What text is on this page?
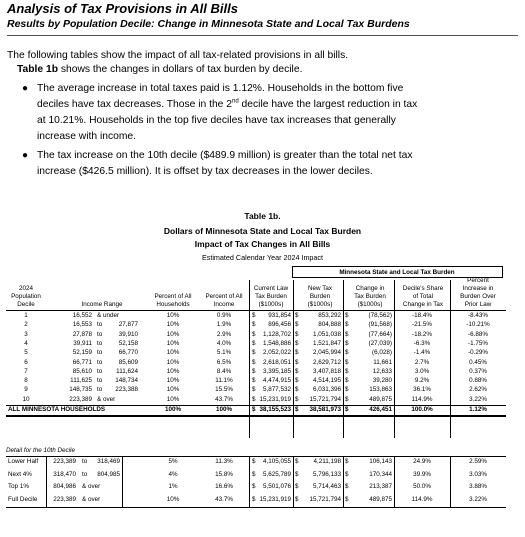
Analysis of Tax Provisions in All Bills
Results by Population Decile: Change in Minnesota State and Local Tax Burdens
The following tables show the impact of all tax-related provisions in all bills.
Table 1b shows the changes in dollars of tax burden by decile.
● The average increase in total taxes paid is 1.12%. Households in the bottom five
deciles have tax decreases. Those in the 2nd decile have the largest reduction in tax
at 10.21%. Households in the top five deciles have tax increases that generally
increase with income.
● The tax increase on the 10th decile ($489.9 million) is greater than the total net tax
increase ($426.5 million). It is offset by tax decreases in the lower deciles.
Table 1b.
Dollars of Minnesota State and Local Tax Burden
Impact of Tax Changes in All Bills
Estimated Calendar Year 2024 Impact
Minnesota State and Local Tax Burden
2024
Population
Decile	Income Range
Percent of All
Households
Percent of All
Income
Current Law
Tax Burden
($1000s)
New Tax
Burden
($1000s)
Change in
Tax Burden
($1000s)
Decile's Share
of Total
Change in Tax
Percent
Increase in
Burden Over
Prior Law
1	16,552 & under	10%	0.9%	$	931,854 $	853,292 $	(78,562)	-18.4%	-8.43%
2	16,553 to	27,877	10%	1.9%	$	896,456 $	804,888 $	(91,568)	-21.5%	-10.21%
3	27,878 to	39,910	10%	2.9%	$	1,128,702 $	1,051,038 $	(77,664)	-18.2%	-6.88%
4	39,911 to	52,158	10%	4.0%	$	1,548,886 $	1,521,847 $	(27,039)	-6.3%	-1.75%
5	52,159 to	66,770	10%	5.1%	$	2,052,022 $	2,045,994 $	(6,028)	-1.4%	-0.29%
6	66,771 to	85,609	10%	6.5%	$	2,618,051 $	2,629,712 $	11,661	2.7%	0.45%
7	85,610 to	111,624	10%	8.4%	$	3,395,185 $	3,407,818 $	12,633	3.0%	0.37%
8	111,625 to	148,734	10%	11.1%	$	4,474,915 $	4,514,195 $	39,280	9.2%	0.88%
9	148,735 to	223,388	10%	15.5%	$	5,877,532 $	6,031,396 $	153,863	36.1%	2.62%
10	223,389 & over	10%	43.7%	$ 15,231,919 $	15,721,794 $	489,875	114.9%	3.22%
ALL MINNESOTA HOUSEHOLDS	100%	100%	$ 38,155,523 $	38,581,973 $	426,451	100.0%	1.12%
Detail for the 10th Decile
Lower Half	223,389 to	318,469	5%	11.3%	$	4,105,055 $	4,211,198 $	106,143	24.9%	2.59%
Next 4%	318,470 to	804,985	4%	15.8%	$	5,625,789 $	5,796,133 $	170,344	39.9%	3.03%
Top 1%	804,986 & over	1%	16.6%	$	5,501,076 $	5,714,463 $	213,387	50.0%	3.88%
Full Decile	223,389 & over	10%	43.7%	$ 15,231,919 $	15,721,794 $	489,875	114.9%	3.22%
